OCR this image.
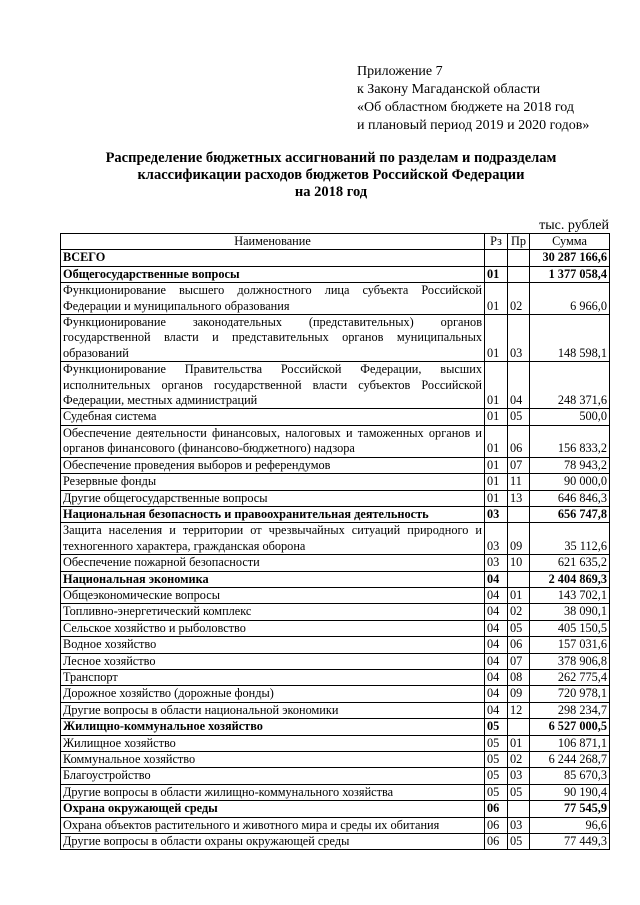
Приложение 7
к Закону Магаданской области
«Об областном бюджете на 2018 год
и плановый период 2019 и 2020 годов»
Распределение бюджетных ассигнований по разделам и подразделам
классификации расходов бюджетов Российской Федерации
на 2018 год
тыс. рублей
Наименование	Рз	Пр	Сумма
ВСЕГО			30 287 166,6
Общегосударственные вопросы	01		1 377 058,4
Функционирование высшего должностного лица субъекта Российской Федерации и муниципального образования	01	02	6 966,0
Функционирование законодательных (представительных) органов государственной власти и представительных органов муниципальных образований	01	03	148 598,1
Функционирование Правительства Российской Федерации, высших исполнительных органов государственной власти субъектов Российской Федерации, местных администраций	01	04	248 371,6
Судебная система	01	05	500,0
Обеспечение деятельности финансовых, налоговых и таможенных органов и органов финансового (финансово-бюджетного) надзора	01	06	156 833,2
Обеспечение проведения выборов и референдумов	01	07	78 943,2
Резервные фонды	01	11	90 000,0
Другие общегосударственные вопросы	01	13	646 846,3
Национальная безопасность и правоохранительная деятельность	03		656 747,8
Защита населения и территории от чрезвычайных ситуаций природного и техногенного характера, гражданская оборона	03	09	35 112,6
Обеспечение пожарной безопасности	03	10	621 635,2
Национальная экономика	04		2 404 869,3
Общеэкономические вопросы	04	01	143 702,1
Топливно-энергетический комплекс	04	02	38 090,1
Сельское хозяйство и рыболовство	04	05	405 150,5
Водное хозяйство	04	06	157 031,6
Лесное хозяйство	04	07	378 906,8
Транспорт	04	08	262 775,4
Дорожное хозяйство (дорожные фонды)	04	09	720 978,1
Другие вопросы в области национальной экономики	04	12	298 234,7
Жилищно-коммунальное хозяйство	05		6 527 000,5
Жилищное хозяйство	05	01	106 871,1
Коммунальное хозяйство	05	02	6 244 268,7
Благоустройство	05	03	85 670,3
Другие вопросы в области жилищно-коммунального хозяйства	05	05	90 190,4
Охрана окружающей среды	06		77 545,9
Охрана объектов растительного и животного мира и среды их обитания	06	03	96,6
Другие вопросы в области охраны окружающей среды	06	05	77 449,3
